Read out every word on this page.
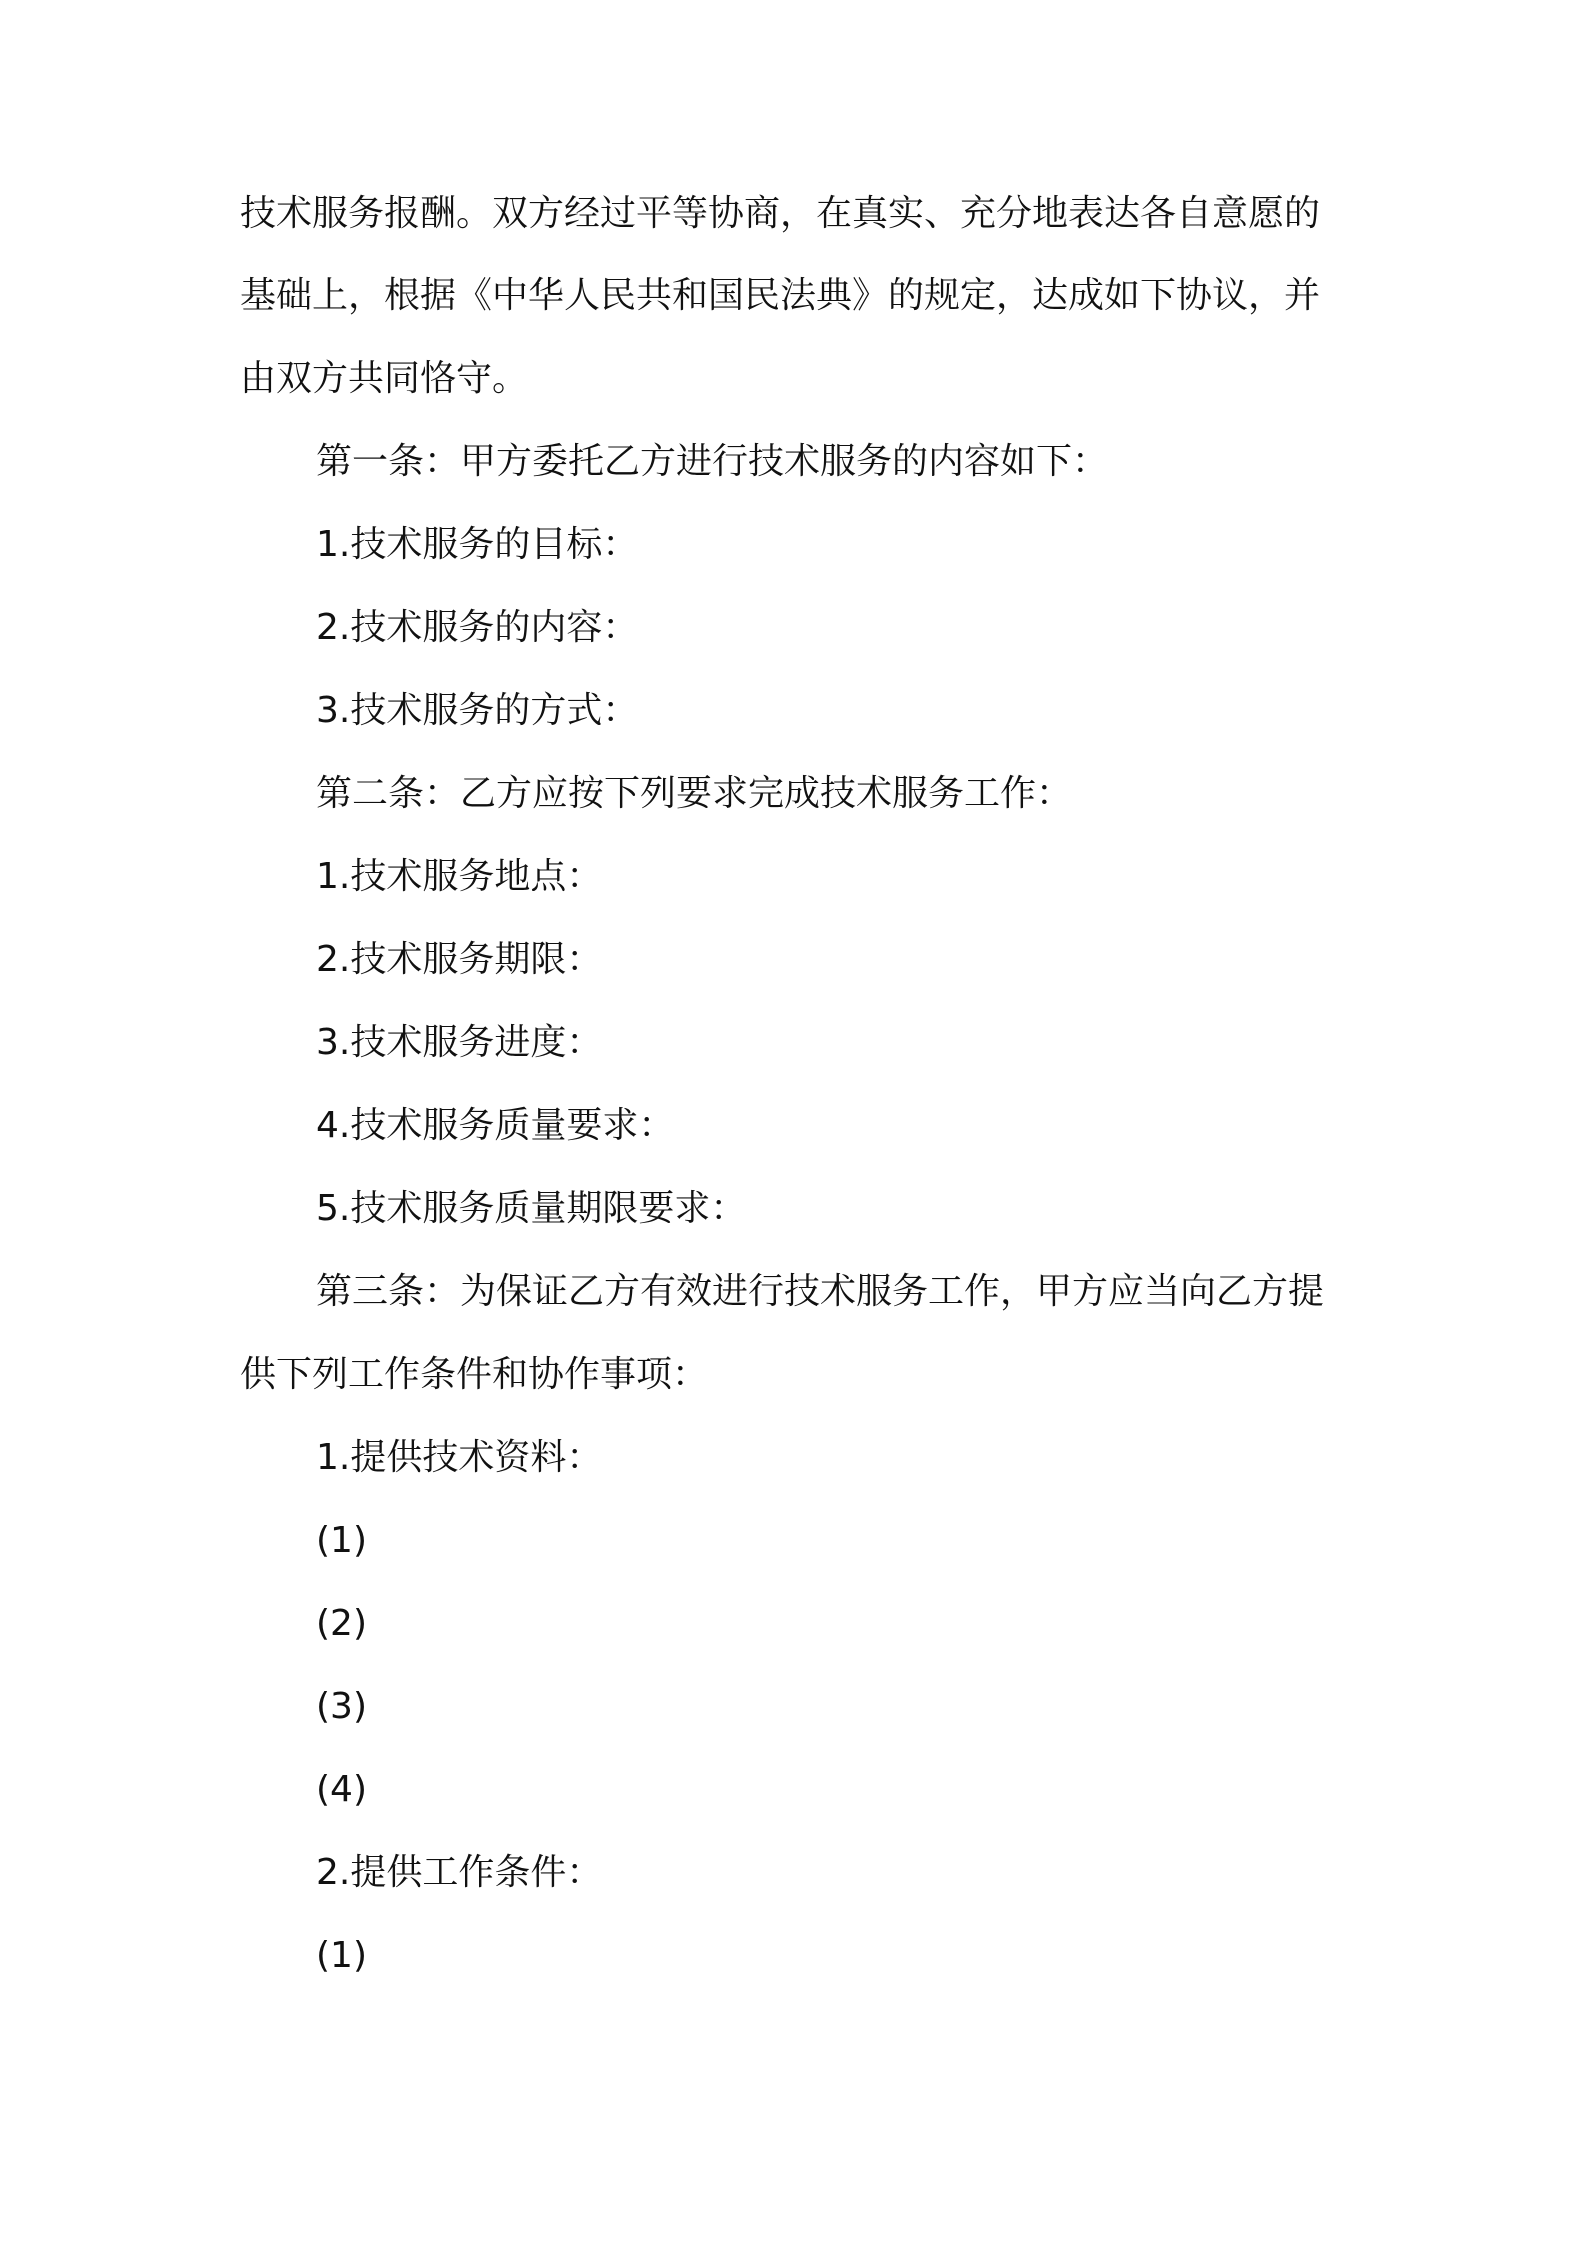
技术服务报酬。双方经过平等协商，在真实、充分地表达各自意愿的
基础上，根据《中华人民共和国民法典》的规定，达成如下协议，并
由双方共同恪守。
第一条：甲方委托乙方进行技术服务的内容如下：
1.技术服务的目标：
2.技术服务的内容：
3.技术服务的方式：
第二条：乙方应按下列要求完成技术服务工作：
1.技术服务地点：
2.技术服务期限：
3.技术服务进度：
4.技术服务质量要求：
5.技术服务质量期限要求：
第三条：为保证乙方有效进行技术服务工作，甲方应当向乙方提
供下列工作条件和协作事项：
1.提供技术资料：
(1)
(2)
(3)
(4)
2.提供工作条件：
(1)
